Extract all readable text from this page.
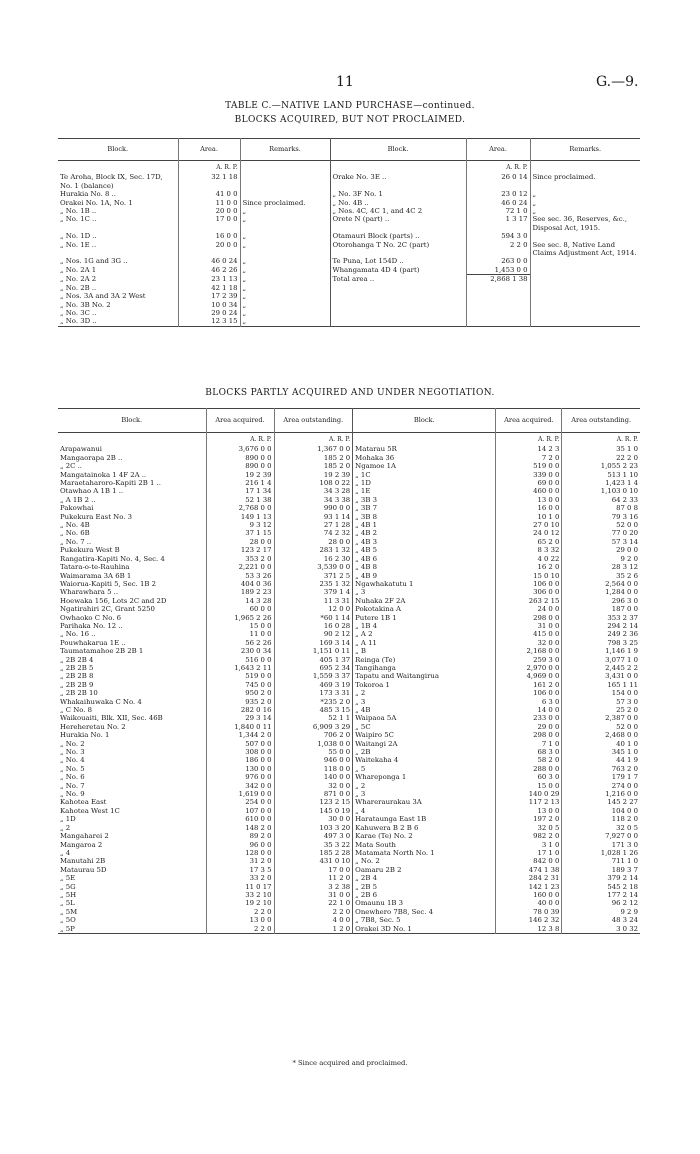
11	G.—9.
TABLE C.—NATIVE LAND PURCHASE—continued.
BLOCKS ACQUIRED, BUT NOT PROCLAIMED.
Block.	Area.	Remarks.	Block.	Area.	Remarks.
	A. R. P.			A. R. P.	
Te Aroha, Block IX, Sec. 17D, No. 1 (balance)	32 1 18		Orake No. 3E ..	26 0 14	Since proclaimed.
Hurakia No. 8 ..	41 0 0		„ No. 3F No. 1	23 0 12	„
Orakei No. 1A, No. 1	11 0 0	Since proclaimed.	„ No. 4B ..	46 0 24	„
„ No. 1B ..	20 0 0	„	„ Nos. 4C, 4C 1, and 4C 2	72 1 0	„
„ No. 1C ..	17 0 0	„	Orete N (part) ..	1 3 17	See sec. 36, Reserves, &c., Disposal Act, 1915.
„ No. 1D ..	16 0 0	„	Otamauri Block (parts) ..	594 3 0	
„ No. 1E ..	20 0 0	„	Otorohanga T No. 2C (part)	2 2 0	See sec. 8, Native Land Claims Adjustment Act, 1914.
„ Nos. 1G and 3G ..	46 0 24	„	Te Puna, Lot 154D ..	263 0 0	
„ No. 2A 1	46 2 26	„	Whangamata 4D 4 (part)	1,453 0 0	
„ No. 2A 2	23 1 13	„	Total area ..	2,868 1 38	
„ No. 2B ..	42 1 18	„			
„ Nos. 3A and 3A 2 West	17 2 39	„			
„ No. 3B No. 2	10 0 34	„			
„ No. 3C ..	29 0 24	„			
„ No. 3D ..	12 3 15	„			
BLOCKS PARTLY ACQUIRED AND UNDER NEGOTIATION.
Block.	Area acquired.	Area outstanding.	Block.	Area acquired.	Area outstanding.
	A. R. P.	A. R. P.		A. R. P.	A. R. P.
Arapawanui	3,676 0 0	1,367 0 0	Matarau 5R	14 2 3	35 1 0
Mangaorapa 2B ..	890 0 0	185 2 0	Mohaka 36	7 2 0	22 2 0
„ 2C ..	890 0 0	185 2 0	Ngamoe 1A	519 0 0	1,055 2 23
Mangatainoka 1 4F 2A ..	19 2 39	19 2 39	„ 1C	339 0 0	513 1 10
Maraetaharoro-Kapiti 2B 1 ..	216 1 4	108 0 22	„ 1D	69 0 0	1,423 1 4
Otawhao A 1B 1 ..	17 1 34	34 3 28	„ 1E	460 0 0	1,103 0 10
„ A 1B 2 ..	52 1 38	34 3 38	„ 3B 3	13 0 0	64 2 33
Pakowhai	2,768 0 0	990 0 0	„ 3B 7	16 0 0	87 0 8
Pukekura East No. 3	149 1 13	93 1 14	„ 3B 8	10 1 0	79 3 16
„ No. 4B	9 3 12	27 1 28	„ 4B 1	27 0 10	52 0 0
„ No. 6B	37 1 15	74 2 32	„ 4B 2	24 0 12	77 0 20
„ No. 7 ..	28 0 0	28 0 0	„ 4B 3	65 2 0	57 3 14
Pukekura West B	123 2 17	283 1 32	„ 4B 5	8 3 32	29 0 0
Rangatira-Kapiti No. 4, Sec. 4	353 2 0	16 2 30	„ 4B 6	4 0 22	9 2 0
Tatara-o-te-Rauhina	2,221 0 0	3,539 0 0	„ 4B 8	16 2 0	28 3 12
Waimarama 3A 6B 1	53 3 26	371 2 5	„ 4B 9	15 0 10	35 2 6
Waiorua-Kapiti 5, Sec. 1B 2	404 0 36	235 1 32	Ngawhakatutu 1	106 0 0	2,564 0 0
Wharawhara 5 ..	189 2 23	379 1 4	„ 3	306 0 0	1,284 0 0
Hoewaka 156, Lots 2C and 2D	14 3 28	11 3 31	Nuhaka 2F 2A	263 2 15	296 3 0
Ngatirahiri 2C, Grant 5250	60 0 0	12 0 0	Pokotakina A	24 0 0	187 0 0
Owhaoko C No. 6	1,965 2 26	*60 1 14	Putere 1B 1	298 0 0	353 2 37
Parihaka No. 12 ..	15 0 0	16 0 28	„ 1B 4	31 0 0	294 2 14
„ No. 16 ..	11 0 0	90 2 12	„ A 2	415 0 0	249 2 36
Pouwhakarua 1E ..	56 2 26	169 3 14	„ A 11	32 0 0	798 3 25
Taumatamahoe 2B 2B 1	230 0 34	1,151 0 11	„ B	2,168 0 0	1,146 1 9
„ 2B 2B 4	516 0 0	405 1 37	Reinga (Te)	259 3 0	3,077 1 0
„ 2B 2B 5	1,643 2 11	695 2 34	Tangihanga	2,970 0 0	2,445 2 2
„ 2B 2B 8	519 0 0	1,559 3 37	Tapatu and Waitangirua	4,969 0 0	3,431 0 0
„ 2B 2B 9	745 0 0	469 3 19	Tokoroa 1	161 2 0	165 1 11
„ 2B 2B 10	950 2 0	173 3 31	„ 2	106 0 0	154 0 0
Whakaihuwaka C No. 4	935 2 0	*235 2 0	„ 3	6 3 0	57 3 0
„ C No. 8	282 0 16	485 3 15	„ 4B	14 0 0	25 2 0
Waikouaiti, Blk. XII, Sec. 46B	29 3 14	52 1 1	Waipaoa 5A	233 0 0	2,387 0 0
Hereheretau No. 2	1,840 0 11	6,909 3 29	„ 5C	29 0 0	52 0 0
Hurakia No. 1	1,344 2 0	706 2 0	Waipiro 5C	298 0 0	2,468 0 0
„ No. 2	507 0 0	1,038 0 0	Waitangi 2A	7 1 0	40 1 0
„ No. 3	308 0 0	55 0 0	„ 2B	68 3 0	345 1 0
„ No. 4	186 0 0	946 0 0	Waitekaha 4	58 2 0	44 1 9
„ No. 5	130 0 0	118 0 0	„ 5	288 0 0	763 2 0
„ No. 6	976 0 0	140 0 0	Whareponga 1	60 3 0	179 1 7
„ No. 7	342 0 0	32 0 0	„ 2	15 0 0	274 0 0
„ No. 9	1,619 0 0	871 0 0	„ 3	140 0 29	1,216 0 0
Kahotea East	254 0 0	123 2 15	Whareraurakau 3A	117 2 13	145 2 27
Kahotea West 1C	107 0 0	145 0 19	„ 4	13 0 0	104 0 0
„ 1D	610 0 0	30 0 0	Harataunga East 1B	197 2 0	118 2 0
„ 2	148 2 0	103 3 20	Kahuwera B 2 B 6	32 0 5	32 0 5
Mangaharei 2	89 2 0	497 3 0	Karae (Te) No. 2	982 2 0	7,927 0 0
Mangaroa 2	96 0 0	35 3 22	Mata South	3 1 0	171 3 0
„ 4	128 0 0	185 2 28	Matamata North No. 1	17 1 0	1,028 1 26
Manutahi 2B	31 2 0	431 0 10	„ No. 2	842 0 0	711 1 0
Mataurau 5D	17 3 5	17 0 0	Oamaru 2B 2	474 1 38	189 3 7
„ 5E	33 2 0	11 2 0	„ 2B 4	284 2 31	379 2 14
„ 5G	11 0 17	3 2 38	„ 2B 5	142 1 23	545 2 18
„ 5H	33 2 10	31 0 0	„ 2B 6	160 0 0	177 2 14
„ 5L	19 2 10	22 1 0	Omaunu 1B 3	40 0 0	96 2 12
„ 5M	2 2 0	2 2 0	Onewhero 7B8, Sec. 4	78 0 39	9 2 9
„ 5O	13 0 0	4 0 0	„ 7B8, Sec. 5	146 2 32	48 3 24
„ 5P	2 2 0	1 2 0	Orakei 3D No. 1	12 3 8	3 0 32
* Since acquired and proclaimed.
